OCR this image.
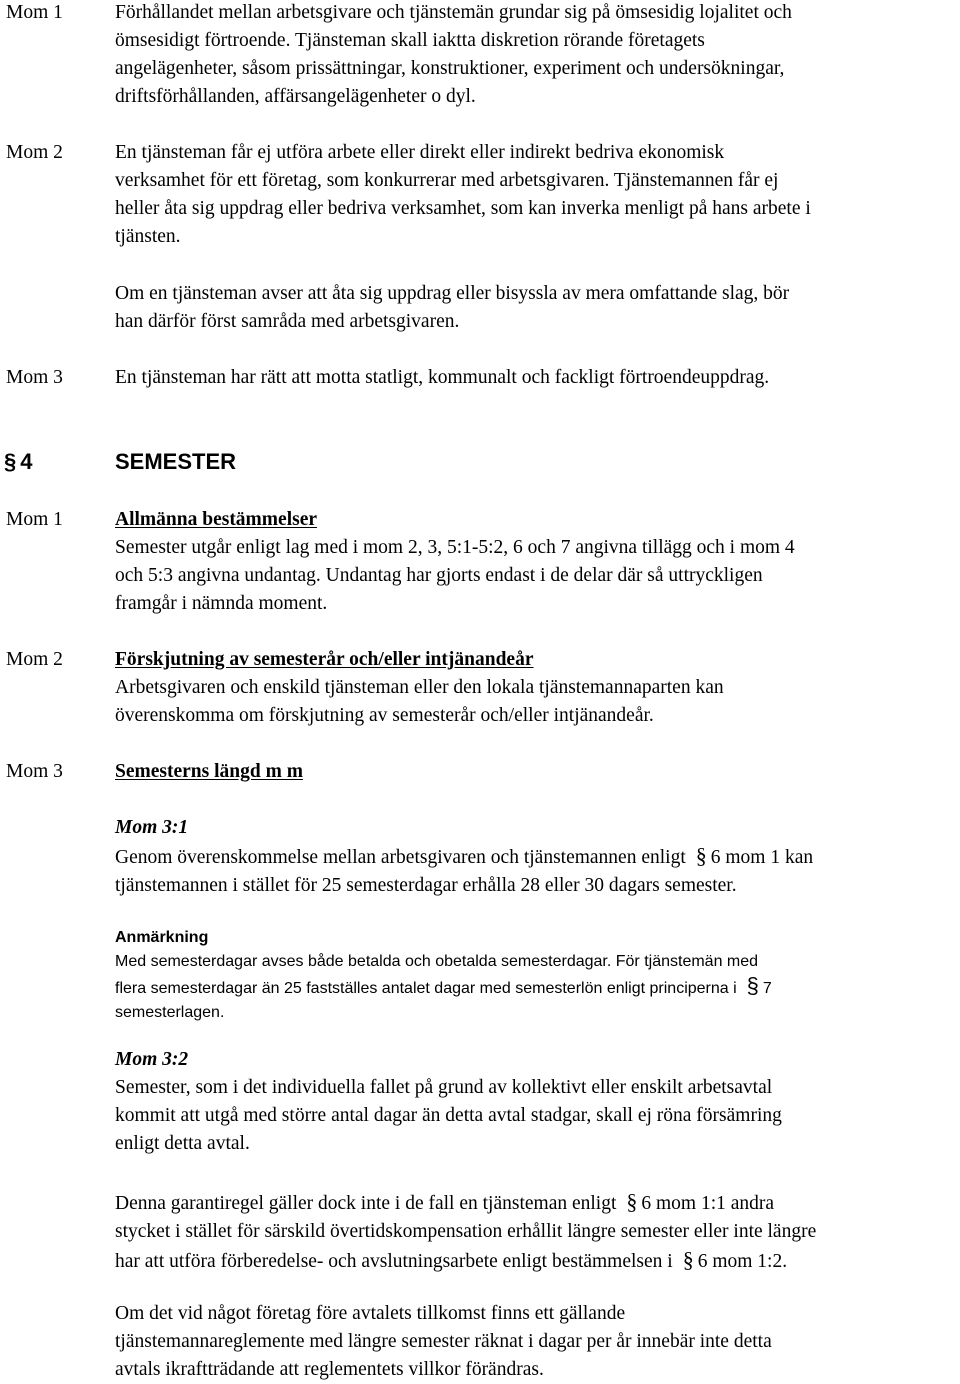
Mom 1	Förhållandet mellan arbetsgivare och tjänstemän grundar sig på ömsesidig lojalitet och
ömsesidigt förtroende. Tjänsteman skall iaktta diskretion rörande företagets
angelägenheter, såsom prissättningar, konstruktioner, experiment och undersökningar,
driftsförhållanden, affärsangelägenheter o dyl.
Mom 2	En tjänsteman får ej utföra arbete eller direkt eller indirekt bedriva ekonomisk
verksamhet för ett företag, som konkurrerar med arbetsgivaren. Tjänstemannen får ej
heller åta sig uppdrag eller bedriva verksamhet, som kan inverka menligt på hans arbete i
tjänsten.
Om en tjänsteman avser att åta sig uppdrag eller bisyssla av mera omfattande slag, bör
han därför först samråda med arbetsgivaren.
Mom 3	En tjänsteman har rätt att motta statligt, kommunalt och fackligt förtroendeuppdrag.
§ 4	SEMESTER
Mom 1	Allmänna bestämmelser
Semester utgår enligt lag med i mom 2, 3, 5:1-5:2, 6 och 7 angivna tillägg och i mom 4
och 5:3 angivna undantag. Undantag har gjorts endast i de delar där så uttryckligen
framgår i nämnda moment.
Mom 2	Förskjutning av semesterår och/eller intjänandeår
Arbetsgivaren och enskild tjänsteman eller den lokala tjänstemannaparten kan
överenskomma om förskjutning av semesterår och/eller intjänandeår.
Mom 3	Semesterns längd m m
Mom 3:1
Genom överenskommelse mellan arbetsgivaren och tjänstemannen enligt § 6 mom 1 kan
tjänstemannen i stället för 25 semesterdagar erhålla 28 eller 30 dagars semester.
Anmärkning
Med semesterdagar avses både betalda och obetalda semesterdagar. För tjänstemän med
flera semesterdagar än 25 fastställes antalet dagar med semesterlön enligt principerna i § 7
semesterlagen.
Mom 3:2
Semester, som i det individuella fallet på grund av kollektivt eller enskilt arbetsavtal
kommit att utgå med större antal dagar än detta avtal stadgar, skall ej röna försämring
enligt detta avtal.
Denna garantiregel gäller dock inte i de fall en tjänsteman enligt § 6 mom 1:1 andra
stycket i stället för särskild övertidskompensation erhållit längre semester eller inte längre
har att utföra förberedelse- och avslutningsarbete enligt bestämmelsen i § 6 mom 1:2.
Om det vid något företag före avtalets tillkomst finns ett gällande
tjänstemannareglemente med längre semester räknat i dagar per år innebär inte detta
avtals ikraftträdande att reglementets villkor förändras.
